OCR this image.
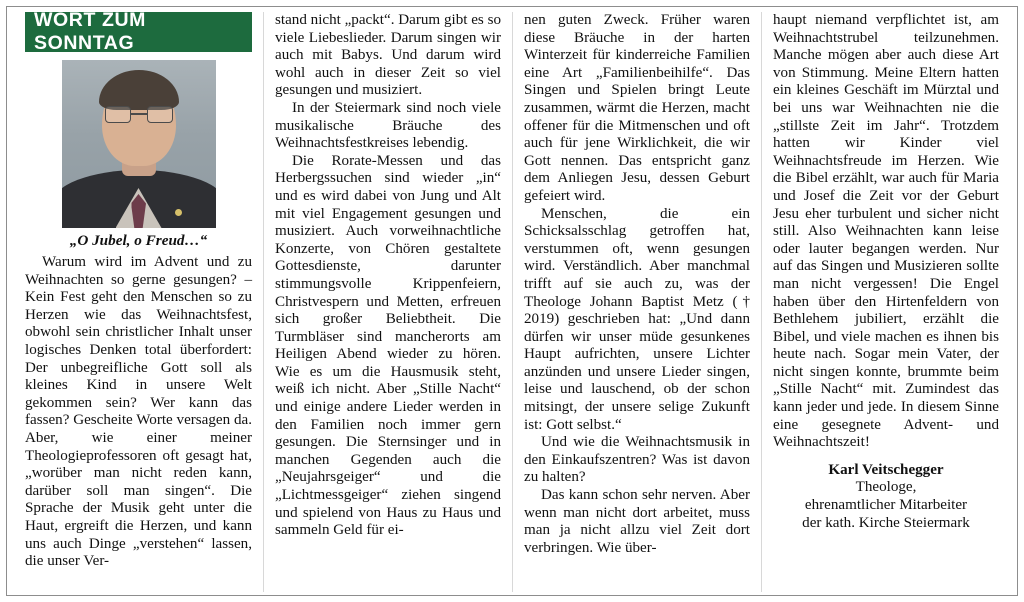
WORT ZUM SONNTAG
„O Jubel, o Freud…“

Warum wird im Advent und zu Weihnachten so gerne gesungen? – Kein Fest geht den Menschen so zu Herzen wie das Weihnachtsfest, obwohl sein christlicher Inhalt unser logisches Denken total überfordert: Der unbegreifliche Gott soll als kleines Kind in unsere Welt gekommen sein? Wer kann das fassen? Gescheite Worte versagen da. Aber, wie einer meiner Theologieprofessoren oft gesagt hat, „worüber man nicht reden kann, darüber soll man singen“. Die Sprache der Musik geht unter die Haut, ergreift die Herzen, und kann uns auch Dinge „verstehen“ lassen, die unser Ver-

stand nicht „packt“. Darum gibt es so viele Liebeslieder. Darum singen wir auch mit Babys. Und darum wird wohl auch in dieser Zeit so viel gesungen und musiziert.

In der Steiermark sind noch viele musikalische Bräuche des Weihnachtsfestkreises lebendig.

Die Rorate-Messen und das Herbergssuchen sind wieder „in“ und es wird dabei von Jung und Alt mit viel Engagement gesungen und musiziert. Auch vorweihnachtliche Konzerte, von Chören gestaltete Gottesdienste, darunter stimmungsvolle Krippenfeiern, Christvespern und Metten, erfreuen sich großer Beliebtheit. Die Turmbläser sind mancherorts am Heiligen Abend wieder zu hören. Wie es um die Hausmusik steht, weiß ich nicht. Aber „Stille Nacht“ und einige andere Lieder werden in den Familien noch immer gern gesungen. Die Sternsinger und in manchen Gegenden auch die „Neujahrsgeiger“ und die „Lichtmessgeiger“ ziehen singend und spielend von Haus zu Haus und sammeln Geld für ei-

nen guten Zweck. Früher waren diese Bräuche in der harten Winterzeit für kinderreiche Familien eine Art „Familienbeihilfe“. Das Singen und Spielen bringt Leute zusammen, wärmt die Herzen, macht offener für die Mitmenschen und oft auch für jene Wirklichkeit, die wir Gott nennen. Das entspricht ganz dem Anliegen Jesu, dessen Geburt gefeiert wird.

Menschen, die ein Schicksalsschlag getroffen hat, verstummen oft, wenn gesungen wird. Verständlich. Aber manchmal trifft auf sie auch zu, was der Theologe Johann Baptist Metz († 2019) geschrieben hat: „Und dann dürfen wir unser müde gesunkenes Haupt aufrichten, unsere Lichter anzünden und unsere Lieder singen, leise und lauschend, ob der schon mitsingt, der unsere selige Zukunft ist: Gott selbst.“

Und wie die Weihnachtsmusik in den Einkaufszentren? Was ist davon zu halten?

Das kann schon sehr nerven. Aber wenn man nicht dort arbeitet, muss man ja nicht allzu viel Zeit dort verbringen. Wie über-

haupt niemand verpflichtet ist, am Weihnachtstrubel teilzunehmen. Manche mögen aber auch diese Art von Stimmung. Meine Eltern hatten ein kleines Geschäft im Mürztal und bei uns war Weihnachten nie die „stillste Zeit im Jahr“. Trotzdem hatten wir Kinder viel Weihnachtsfreude im Herzen. Wie die Bibel erzählt, war auch für Maria und Josef die Zeit vor der Geburt Jesu eher turbulent und sicher nicht still. Also Weihnachten kann leise oder lauter begangen werden. Nur auf das Singen und Musizieren sollte man nicht vergessen! Die Engel haben über den Hirtenfeldern von Bethlehem jubiliert, erzählt die Bibel, und viele machen es ihnen bis heute nach. Sogar mein Vater, der nicht singen konnte, brummte beim „Stille Nacht“ mit. Zumindest das kann jeder und jede. In diesem Sinne eine gesegnete Advent- und Weihnachtszeit!

Karl Veitschegger
Theologe,
ehrenamtlicher Mitarbeiter
der kath. Kirche Steiermark
